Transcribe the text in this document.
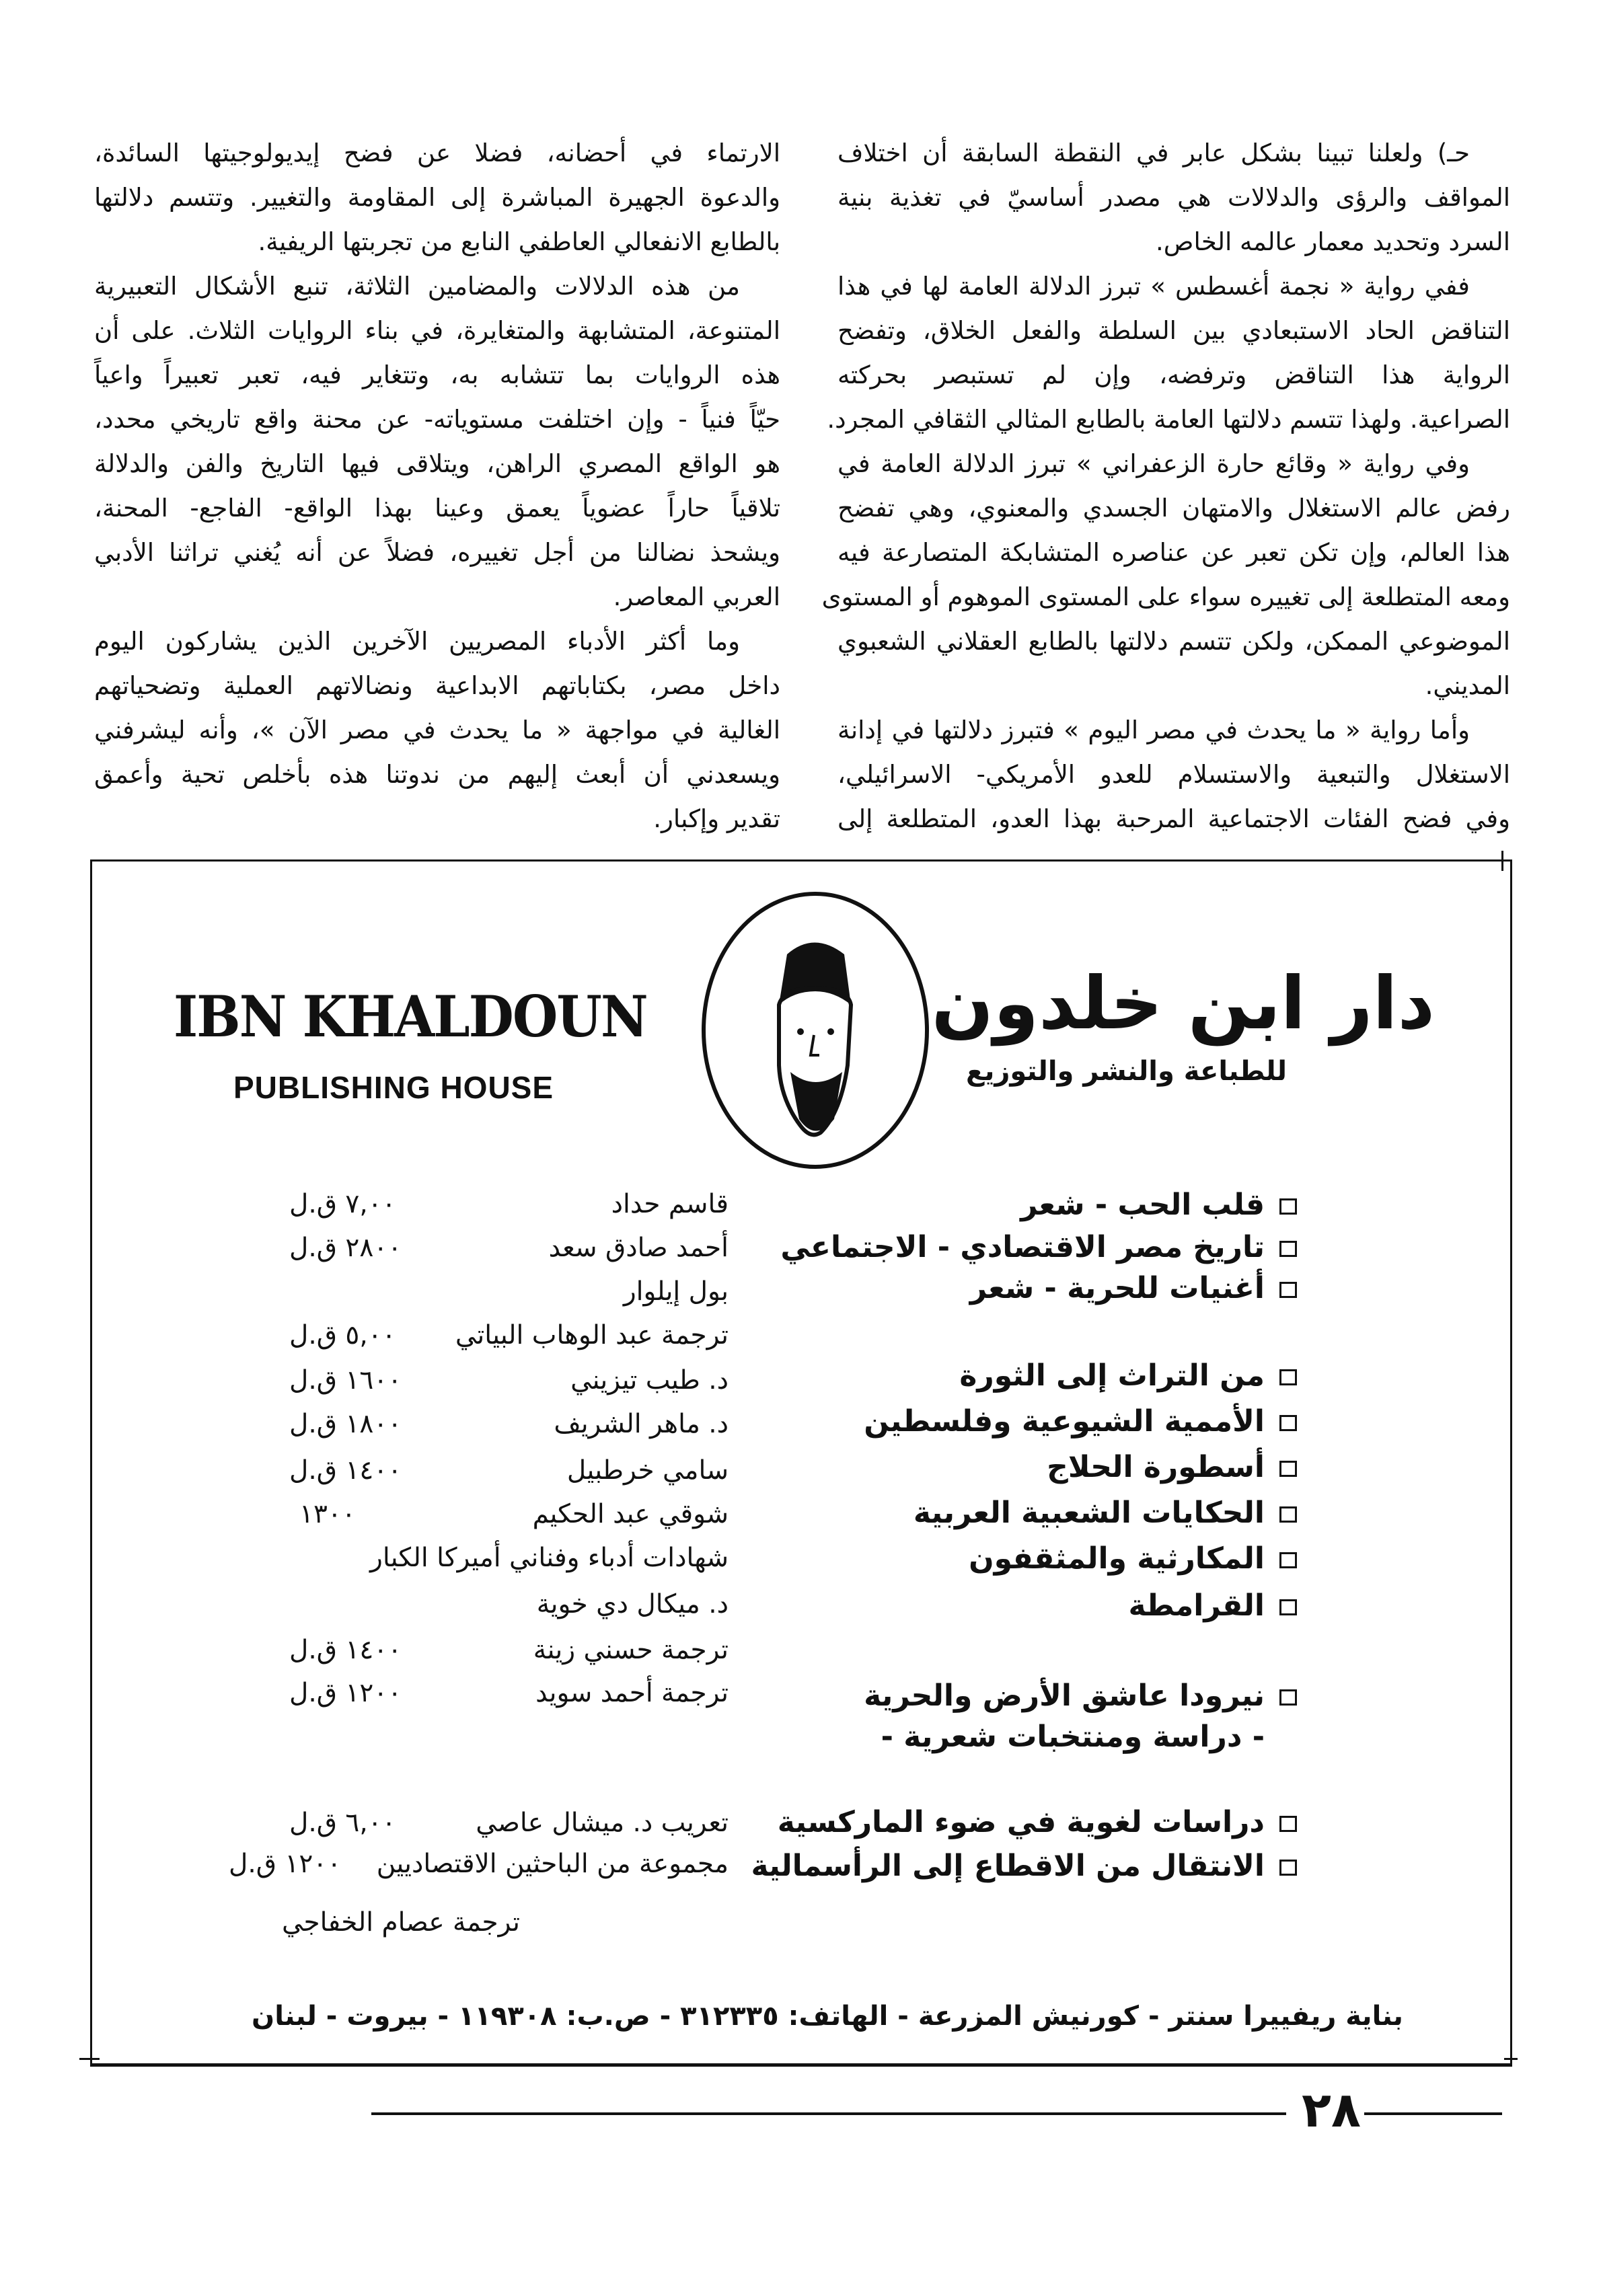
حـ) ولعلنا تبينا بشكل عابر في النقطة السابقة أن اختلاف
المواقف والرؤى والدلالات هي مصدر أساسيّ في تغذية بنية
السرد وتحديد معمار عالمه الخاص.
ففي رواية « نجمة أغسطس » تبرز الدلالة العامة لها في هذا
التناقض الحاد الاستبعادي بين السلطة والفعل الخلاق، وتفضح
الرواية هذا التناقض وترفضه، وإن لم تستبصر بحركته
الصراعية. ولهذا تتسم دلالتها العامة بالطابع المثالي الثقافي المجرد.
وفي رواية « وقائع حارة الزعفراني » تبرز الدلالة العامة في
رفض عالم الاستغلال والامتهان الجسدي والمعنوي، وهي تفضح
هذا العالم، وإن تكن تعبر عن عناصره المتشابكة المتصارعة فيه
ومعه المتطلعة إلى تغييره سواء على المستوى الموهوم أو المستوى
الموضوعي الممكن، ولكن تتسم دلالتها بالطابع العقلاني الشعبوي
المديني.
وأما رواية « ما يحدث في مصر اليوم » فتبرز دلالتها في إدانة
الاستغلال والتبعية والاستسلام للعدو الأمريكي- الاسرائيلي،
وفي فضح الفئات الاجتماعية المرحبة بهذا العدو، المتطلعة إلى
الارتماء في أحضانه، فضلا عن فضح إيديولوجيتها السائدة،
والدعوة الجهيرة المباشرة إلى المقاومة والتغيير. وتتسم دلالتها
بالطابع الانفعالي العاطفي النابع من تجربتها الريفية.
من هذه الدلالات والمضامين الثلاثة، تنبع الأشكال التعبيرية
المتنوعة، المتشابهة والمتغايرة، في بناء الروايات الثلاث. على أن
هذه الروايات بما تتشابه به، وتتغاير فيه، تعبر تعبيراً واعياً
حيّاً فنياً - وإن اختلفت مستوياته- عن محنة واقع تاريخي محدد،
هو الواقع المصري الراهن، ويتلاقى فيها التاريخ والفن والدلالة
تلاقياً حاراً عضوياً يعمق وعينا بهذا الواقع- الفاجع- المحنة،
ويشحذ نضالنا من أجل تغييره، فضلاً عن أنه يُغني تراثنا الأدبي
العربي المعاصر.
وما أكثر الأدباء المصريين الآخرين الذين يشاركون اليوم
داخل مصر، بكتاباتهم الابداعية ونضالاتهم العملية وتضحياتهم
الغالية في مواجهة « ما يحدث في مصر الآن »، وأنه ليشرفني
ويسعدني أن أبعث إليهم من ندوتنا هذه بأخلص تحية وأعمق
تقدير وإكبار.
IBN KHALDOUN
PUBLISHING HOUSE
دار ابن خلدون
للطباعة والنشر والتوزيع
قلب الحب - شعر
تاريخ مصر الاقتصادي - الاجتماعي
أغنيات للحرية - شعر
من التراث إلى الثورة
الأممية الشيوعية وفلسطين
أسطورة الحلاج
الحكايات الشعبية العربية
المكارثية والمثقفون
القرامطة
نيرودا عاشق الأرض والحرية
- دراسة ومنتخبات شعرية -
دراسات لغوية في ضوء الماركسية
الانتقال من الاقطاع إلى الرأسمالية
قاسم حداد
٧,٠٠ ق.ل
أحمد صادق سعد
٢٨٠٠ ق.ل
بول إيلوار
ترجمة عبد الوهاب البياتي
٥,٠٠ ق.ل
د. طيب تيزيني
١٦٠٠ ق.ل
د. ماهر الشريف
١٨٠٠ ق.ل
سامي خرطبيل
١٤٠٠ ق.ل
شوقي عبد الحكيم
١٣٠٠
شهادات أدباء وفناني أميركا الكبار
د. ميكال دي خوية
ترجمة حسني زينة
١٤٠٠ ق.ل
ترجمة أحمد سويد
١٢٠٠ ق.ل
تعريب د. ميشال عاصي
٦,٠٠ ق.ل
مجموعة من الباحثين الاقتصاديين
١٢٠٠ ق.ل
ترجمة عصام الخفاجي
بناية ريفييرا سنتر - كورنيش المزرعة - الهاتف: ٣١٢٣٣٥ - ص.ب: ١١٩٣٠٨ - بيروت - لبنان
٢٨
